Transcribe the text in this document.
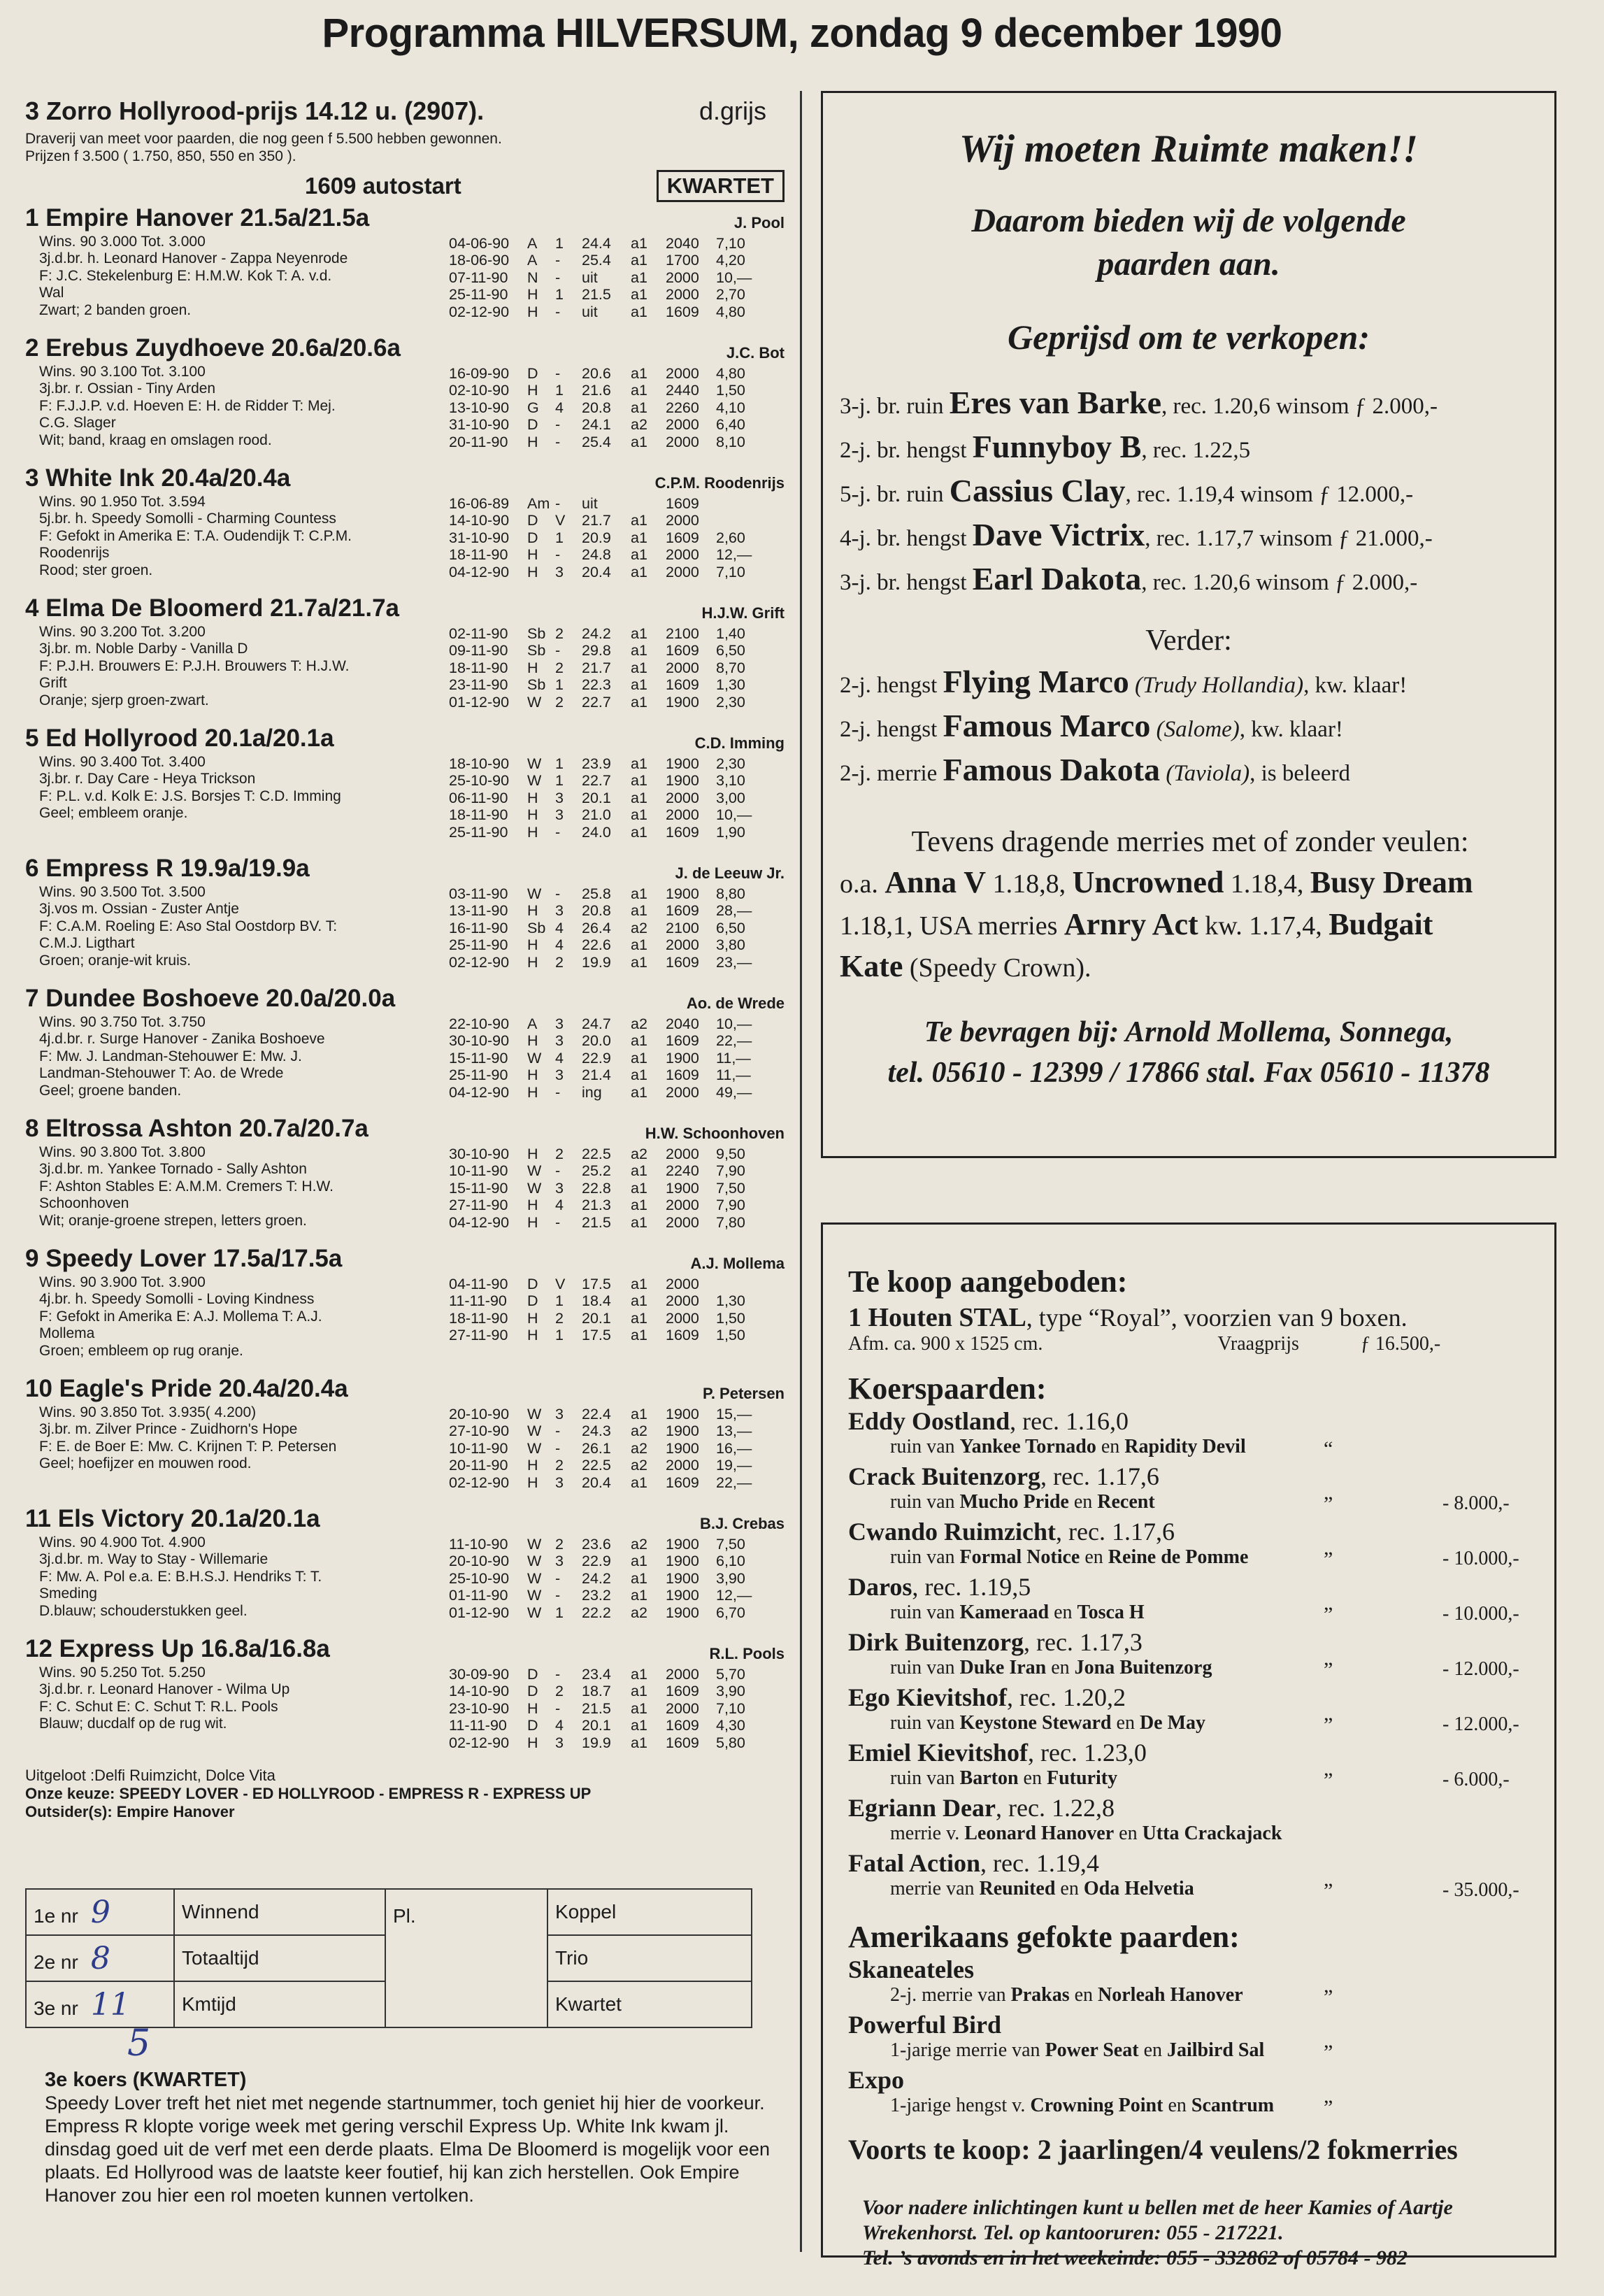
Programma HILVERSUM, zondag 9 december 1990
3 Zorro Hollyrood-prijs 14.12 u. (2907).	d.grijs
Draverij van meet voor paarden, die nog geen f 5.500 hebben gewonnen.
Prijzen f 3.500 ( 1.750, 850, 550 en 350 ).
1609 autostart	KWARTET
1 Empire Hanover 21.5a/21.5a	J. Pool
Wins. 90 3.000 Tot. 3.000
3j.d.br. h. Leonard Hanover - Zappa Neyenrode
F: J.C. Stekelenburg E: H.M.W. Kok T: A. v.d.
Wal
Zwart; 2 banden groen.
04-06-90	A	1	24.4	a1	2040	7,10
18-06-90	A	-	25.4	a1	1700	4,20
07-11-90	N	-	uit	a1	2000	10,—
25-11-90	H	1	21.5	a1	2000	2,70
02-12-90	H	-	uit	a1	1609	4,80
2 Erebus Zuydhoeve 20.6a/20.6a	J.C. Bot
Wins. 90 3.100 Tot. 3.100
3j.br. r. Ossian - Tiny Arden
F: F.J.J.P. v.d. Hoeven E: H. de Ridder T: Mej.
C.G. Slager
Wit; band, kraag en omslagen rood.
16-09-90	D	-	20.6	a1	2000	4,80
02-10-90	H	1	21.6	a1	2440	1,50
13-10-90	G	4	20.8	a1	2260	4,10
31-10-90	D	-	24.1	a2	2000	6,40
20-11-90	H	-	25.4	a1	2000	8,10
3 White Ink 20.4a/20.4a	C.P.M. Roodenrijs
Wins. 90 1.950 Tot. 3.594
5j.br. h. Speedy Somolli - Charming Countess
F: Gefokt in Amerika E: T.A. Oudendijk T: C.P.M.
Roodenrijs
Rood; ster groen.
16-06-89	Am -	uit	1609
14-10-90	D	V	21.7	a1	2000
31-10-90	D	1	20.9	a1	1609	2,60
18-11-90	H	-	24.8	a1	2000	12,—
04-12-90	H	3	20.4	a1	2000	7,10
4 Elma De Bloomerd 21.7a/21.7a	H.J.W. Grift
Wins. 90 3.200 Tot. 3.200
3j.br. m. Noble Darby - Vanilla D
F: P.J.H. Brouwers E: P.J.H. Brouwers T: H.J.W.
Grift
Oranje; sjerp groen-zwart.
02-11-90	Sb 2	24.2	a1	2100	1,40
09-11-90	Sb -	29.8	a1	1609	6,50
18-11-90	H	2	21.7	a1	2000	8,70
23-11-90	Sb 1	22.3	a1	1609	1,30
01-12-90	W 2	22.7	a1	1900	2,30
5 Ed Hollyrood 20.1a/20.1a	C.D. Imming
Wins. 90 3.400 Tot. 3.400
3j.br. r. Day Care - Heya Trickson
F: P.L. v.d. Kolk E: J.S. Borsjes T: C.D. Imming
Geel; embleem oranje.
18-10-90	W 1	23.9	a1	1900	2,30
25-10-90	W 1	22.7	a1	1900	3,10
06-11-90	H	3	20.1	a1	2000	3,00
18-11-90	H	3	21.0	a1	2000	10,—
25-11-90	H	-	24.0	a1	1609	1,90
6 Empress R 19.9a/19.9a	J. de Leeuw Jr.
Wins. 90 3.500 Tot. 3.500
3j.vos m. Ossian - Zuster Antje
F: C.A.M. Roeling E: Aso Stal Oostdorp BV. T:
C.M.J. Ligthart
Groen; oranje-wit kruis.
03-11-90	W -	25.8	a1	1900	8,80
13-11-90	H	3	20.8	a1	1609	28,—
16-11-90	Sb 4	26.4	a2	2100	6,50
25-11-90	H	4	22.6	a1	2000	3,80
02-12-90	H	2	19.9	a1	1609	23,—
7 Dundee Boshoeve 20.0a/20.0a	Ao. de Wrede
Wins. 90 3.750 Tot. 3.750
4j.d.br. r. Surge Hanover - Zanika Boshoeve
F: Mw. J. Landman-Stehouwer E: Mw. J.
Landman-Stehouwer T: Ao. de Wrede
Geel; groene banden.
22-10-90	A	3	24.7	a2	2040	10,—
30-10-90	H	3	20.0	a1	1609	22,—
15-11-90	W 4	22.9	a1	1900	11,—
25-11-90	H	3	21.4	a1	1609	11,—
04-12-90	H	-	ing	a1	2000	49,—
8 Eltrossa Ashton 20.7a/20.7a	H.W. Schoonhoven
Wins. 90 3.800 Tot. 3.800
3j.d.br. m. Yankee Tornado - Sally Ashton
F: Ashton Stables E: A.M.M. Cremers T: H.W.
Schoonhoven
Wit; oranje-groene strepen, letters groen.
30-10-90	H	2	22.5	a2	2000	9,50
10-11-90	W -	25.2	a1	2240	7,90
15-11-90	W 3	22.8	a1	1900	7,50
27-11-90	H	4	21.3	a1	2000	7,90
04-12-90	H	-	21.5	a1	2000	7,80
9 Speedy Lover 17.5a/17.5a	A.J. Mollema
Wins. 90 3.900 Tot. 3.900
4j.br. h. Speedy Somolli - Loving Kindness
F: Gefokt in Amerika E: A.J. Mollema T: A.J.
Mollema
Groen; embleem op rug oranje.
04-11-90	D	V	17.5	a1	2000
11-11-90	D	1	18.4	a1	2000	1,30
18-11-90	H	2	20.1	a1	2000	1,50
27-11-90	H	1	17.5	a1	1609	1,50
10 Eagle's Pride 20.4a/20.4a	P. Petersen
Wins. 90 3.850 Tot. 3.935( 4.200)
3j.br. m. Zilver Prince - Zuidhorn's Hope
F: E. de Boer E: Mw. C. Krijnen T: P. Petersen
Geel; hoefijzer en mouwen rood.
20-10-90	W 3	22.4	a1	1900	15,—
27-10-90	W -	24.3	a2	1900	13,—
10-11-90	W -	26.1	a2	1900	16,—
20-11-90	H	2	22.5	a2	2000	19,—
02-12-90	H	3	20.4	a1	1609	22,—
11 Els Victory 20.1a/20.1a	B.J. Crebas
Wins. 90 4.900 Tot. 4.900
3j.d.br. m. Way to Stay - Willemarie
F: Mw. A. Pol e.a. E: B.H.S.J. Hendriks T: T.
Smeding
D.blauw; schouderstukken geel.
11-10-90	W 2	23.6	a2	1900	7,50
20-10-90	W 3	22.9	a1	1900	6,10
25-10-90	W -	24.2	a1	1900	3,90
01-11-90	W -	23.2	a1	1900	12,—
01-12-90	W 1	22.2	a2	1900	6,70
12 Express Up 16.8a/16.8a	R.L. Pools
Wins. 90 5.250 Tot. 5.250
3j.d.br. r. Leonard Hanover - Wilma Up
F: C. Schut E: C. Schut T: R.L. Pools
Blauw; ducdalf op de rug wit.
30-09-90	D	-	23.4	a1	2000	5,70
14-10-90	D	2	18.7	a1	1609	3,90
23-10-90	H	-	21.5	a1	2000	7,10
11-11-90	D	4	20.1	a1	1609	4,30
02-12-90	H	3	19.9	a1	1609	5,80
Uitgeloot :Delfi Ruimzicht, Dolce Vita
Onze keuze: SPEEDY LOVER - ED HOLLYROOD - EMPRESS R - EXPRESS UP
Outsider(s): Empire Hanover
1e nr 9	Winnend	Pl.	Koppel
2e nr 8	Totaaltijd		Trio
3e nr 11	Kmtijd		Kwartet
5
3e koers (KWARTET)
Speedy Lover treft het niet met negende startnummer, toch geniet hij hier de voorkeur. Empress R klopte vorige week met gering verschil Express Up. White Ink kwam jl. dinsdag goed uit de verf met een derde plaats. Elma De Bloomerd is mogelijk voor een plaats. Ed Hollyrood was de laatste keer foutief, hij kan zich herstellen. Ook Empire Hanover zou hier een rol moeten kunnen vertolken.
Wij moeten Ruimte maken!!
Daarom bieden wij de volgende
paarden aan.
Geprijsd om te verkopen:
3-j. br. ruin Eres van Barke, rec. 1.20,6 winsom ƒ 2.000,-
2-j. br. hengst Funnyboy B, rec. 1.22,5
5-j. br. ruin Cassius Clay, rec. 1.19,4 winsom ƒ 12.000,-
4-j. br. hengst Dave Victrix, rec. 1.17,7 winsom ƒ 21.000,-
3-j. br. hengst Earl Dakota, rec. 1.20,6 winsom ƒ 2.000,-
Verder:
2-j. hengst Flying Marco (Trudy Hollandia), kw. klaar!
2-j. hengst Famous Marco (Salome), kw. klaar!
2-j. merrie Famous Dakota (Taviola), is beleerd
Tevens dragende merries met of zonder veulen:
o.a. Anna V 1.18,8, Uncrowned 1.18,4, Busy Dream
1.18,1, USA merries Arnry Act kw. 1.17,4, Budgait
Kate (Speedy Crown).
Te bevragen bij: Arnold Mollema, Sonnega,
tel. 05610 - 12399 / 17866 stal. Fax 05610 - 11378
Te koop aangeboden:
1 Houten STAL, type “Royal”, voorzien van 9 boxen.
Afm. ca. 900 x 1525 cm.	Vraagprijs	ƒ 16.500,-
Koerspaarden:
Eddy Oostland, rec. 1.16,0
ruin van Yankee Tornado en Rapidity Devil	“
Crack Buitenzorg, rec. 1.17,6
ruin van Mucho Pride en Recent	”	- 8.000,-
Cwando Ruimzicht, rec. 1.17,6
ruin van Formal Notice en Reine de Pomme	”	- 10.000,-
Daros, rec. 1.19,5
ruin van Kameraad en Tosca H	”	- 10.000,-
Dirk Buitenzorg, rec. 1.17,3
ruin van Duke Iran en Jona Buitenzorg	”	- 12.000,-
Ego Kievitshof, rec. 1.20,2
ruin van Keystone Steward en De May	”	- 12.000,-
Emiel Kievitshof, rec. 1.23,0
ruin van Barton en Futurity	”	- 6.000,-
Egriann Dear, rec. 1.22,8
merrie v. Leonard Hanover en Utta Crackajack
Fatal Action, rec. 1.19,4
merrie van Reunited en Oda Helvetia	”	- 35.000,-
Amerikaans gefokte paarden:
Skaneateles
2-j. merrie van Prakas en Norleah Hanover	”
Powerful Bird
1-jarige merrie van Power Seat en Jailbird Sal	”
Expo
1-jarige hengst v. Crowning Point en Scantrum	”
Voorts te koop: 2 jaarlingen/4 veulens/2 fokmerries
Voor nadere inlichtingen kunt u bellen met de heer Kamies of Aartje
Wrekenhorst. Tel. op kantooruren: 055 - 217221.
Tel. ’s avonds en in het weekeinde: 055 - 332862 of 05784 - 982
